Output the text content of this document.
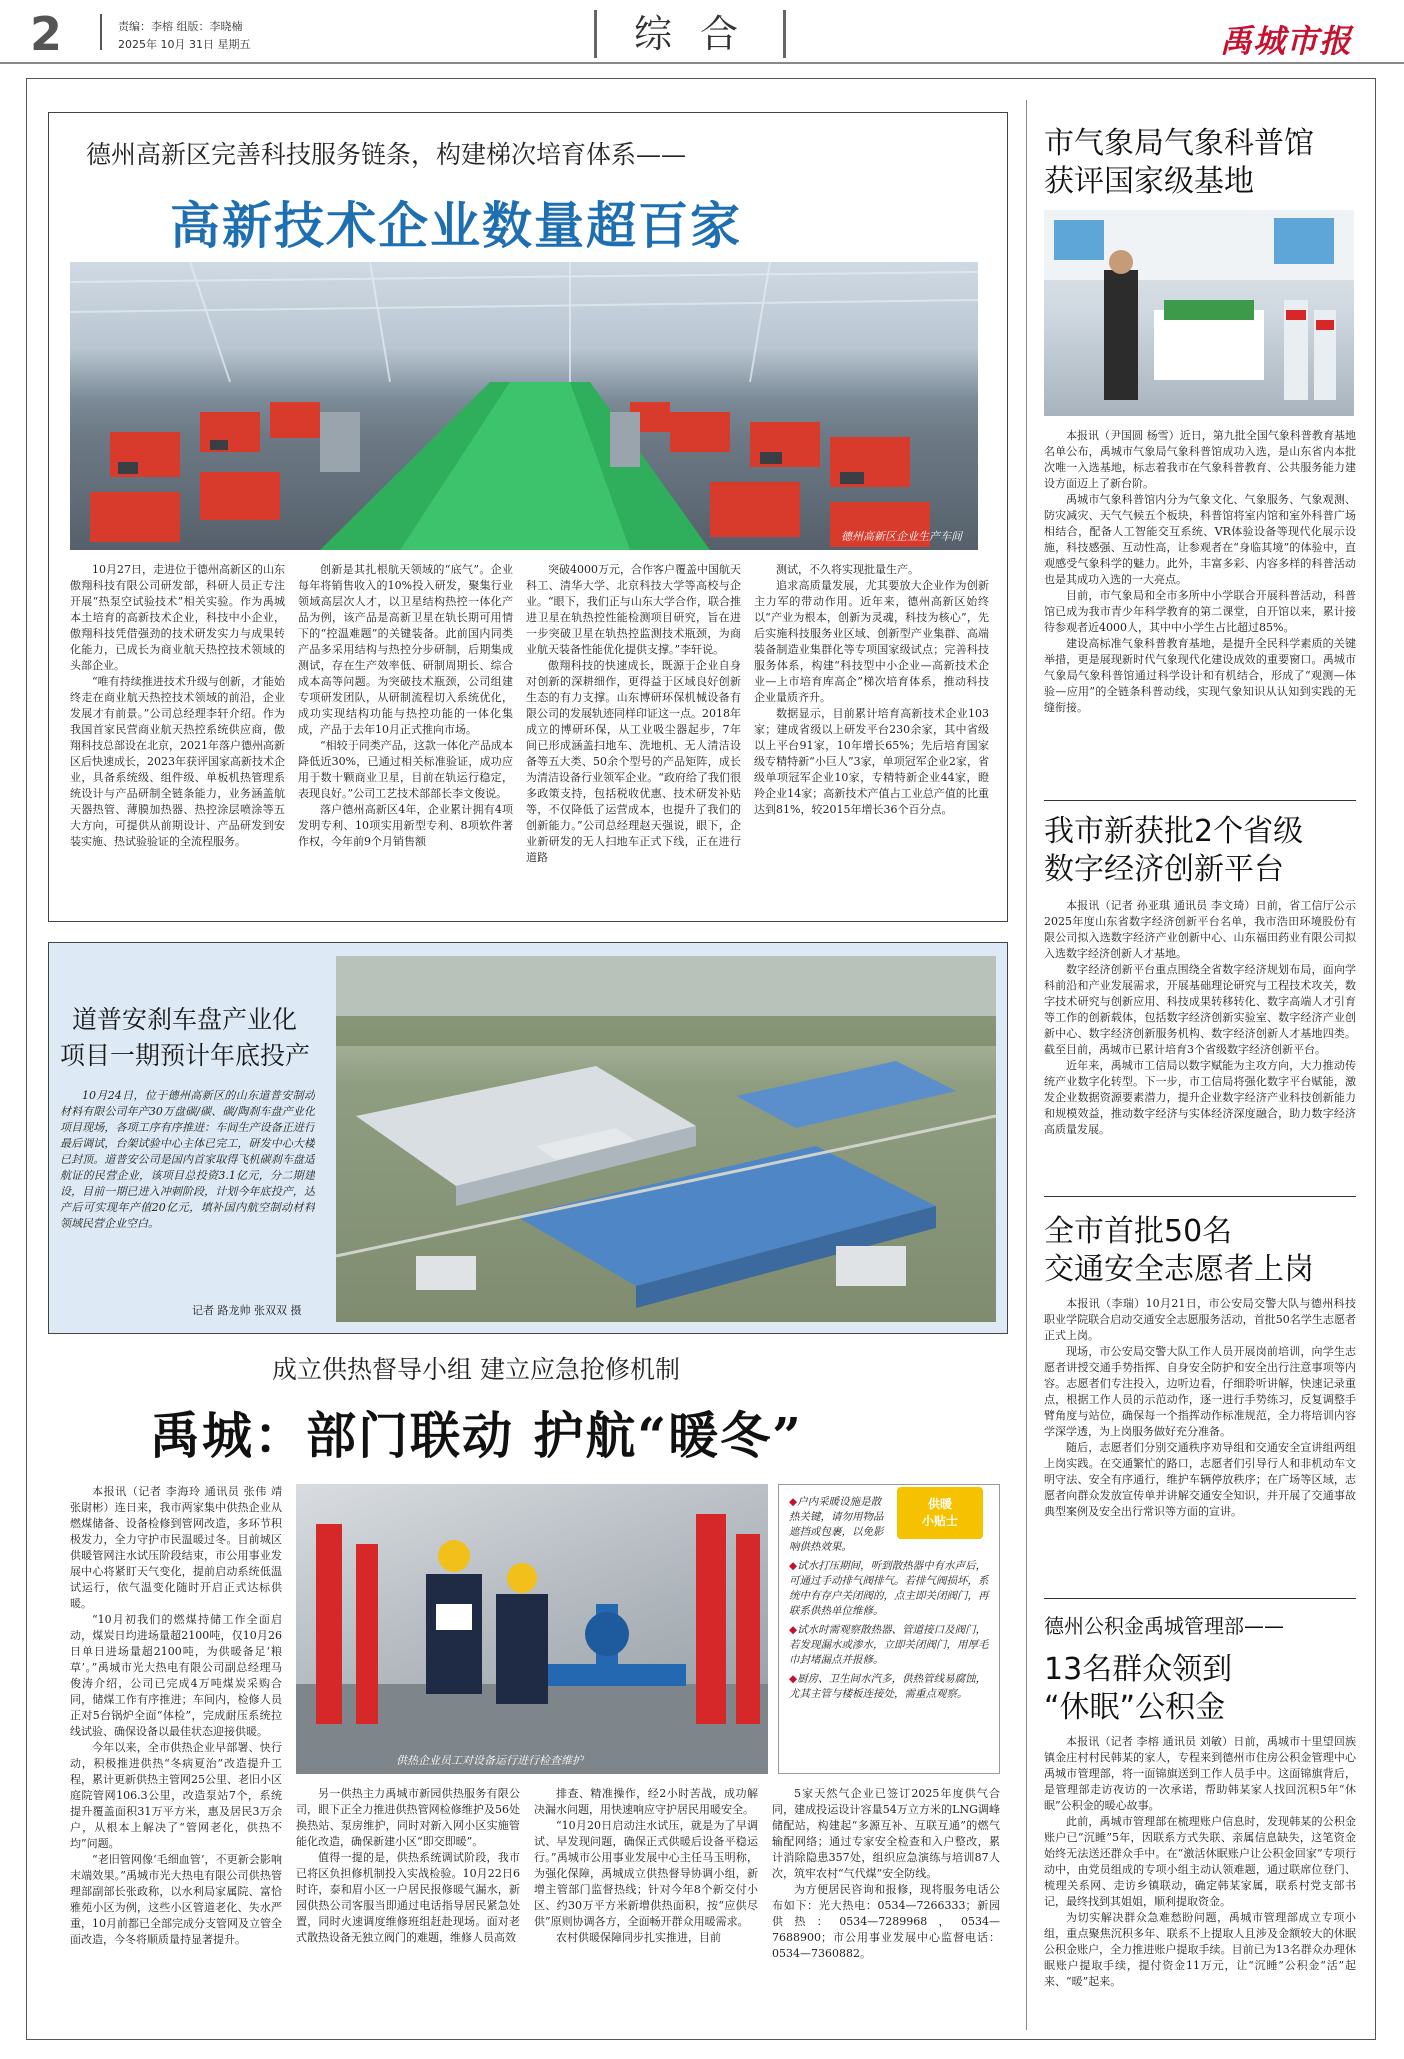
2	责编：李榕 组版：李晓楠
2025年 10月 31日 星期五	综 合	禹城市报
德州高新区完善科技服务链条，构建梯次培育体系——
高新技术企业数量超百家
德州高新区企业生产车间

10月27日，走进位于德州高新区的山东傲翔科技有限公司研发部，科研人员正专注开展“热泵空试验技术”相关实验。作为禹城本土培育的高新技术企业，科技中小企业，傲翔科技凭借强劲的技术研发实力与成果转化能力，已成长为商业航天热控技术领域的头部企业。

“唯有持续推进技术升级与创新，才能始终走在商业航天热控技术领域的前沿，企业发展才有前景。”公司总经理李轩介绍。作为我国首家民营商业航天热控系统供应商，傲翔科技总部设在北京，2021年落户德州高新区后快速成长，2023年获评国家高新技术企业，具备系统级、组件级、单板机热管理系统设计与产品研制全链条能力，业务涵盖航天器热管、薄膜加热器、热控涂层喷涂等五大方向，可提供从前期设计、产品研发到安装实施、热试验验证的全流程服务。

创新是其扎根航天领域的“底气”。企业每年将销售收入的10%投入研发，聚集行业领域高层次人才，以卫星结构热控一体化产品为例，该产品是高新卫星在轨长期可用情下的“控温难题”的关键装备。此前国内同类产品多采用结构与热控分步研制，后期集成测试，存在生产效率低、研制周期长、综合成本高等问题。为突破技术瓶颈，公司组建专项研发团队，从研制流程切入系统优化，成功实现结构功能与热控功能的一体化集成，产品于去年10月正式推向市场。

“相较于同类产品，这款一体化产品成本降低近30%，已通过相关标准验证，成功应用于数十颗商业卫星，目前在轨运行稳定，表现良好。”公司工艺技术部部长李文俊说。

落户德州高新区4年，企业累计拥有4项发明专利、10项实用新型专利、8项软件著作权，今年前9个月销售额

突破4000万元，合作客户覆盖中国航天科工、清华大学、北京科技大学等高校与企业。“眼下，我们正与山东大学合作，联合推进卫星在轨热控性能检测项目研究，旨在进一步突破卫星在轨热控监测技术瓶颈，为商业航天装备性能优化提供支撑。”李轩说。

傲翔科技的快速成长，既源于企业自身对创新的深耕细作，更得益于区域良好创新生态的有力支撑。山东博研环保机械设备有限公司的发展轨迹同样印证这一点。2018年成立的博研环保，从工业吸尘器起步，7年间已形成涵盖扫地车、洗地机、无人清洁设备等五大类、50余个型号的产品矩阵，成长为清洁设备行业领军企业。“政府给了我们很多政策支持，包括税收优惠、技术研发补贴等，不仅降低了运营成本，也提升了我们的创新能力。”公司总经理赵天强说，眼下，企业新研发的无人扫地车正式下线，正在进行道路

测试，不久将实现批量生产。

追求高质量发展，尤其要放大企业作为创新主力军的带动作用。近年来，德州高新区始终以“产业为根本，创新为灵魂，科技为核心”，先后实施科技服务业区域、创新型产业集群、高端装备制造业集群化等专项国家级试点；完善科技服务体系，构建“科技型中小企业—高新技术企业—上市培育库高企”梯次培育体系，推动科技企业量质齐升。

数据显示，目前累计培育高新技术企业103家；建成省级以上研发平台230余家，其中省级以上平台91家，10年增长65%；先后培育国家级专精特新“小巨人”3家，单项冠军企业2家，省级单项冠军企业10家，专精特新企业44家，瞪羚企业14家；高新技术产值占工业总产值的比重达到81%，较2015年增长36个百分点。

道普安刹车盘产业化
项目一期预计年底投产

10月24日，位于德州高新区的山东道普安制动材料有限公司年产30万盘碳/碳、碳/陶刹车盘产业化项目现场，各项工序有序推进：车间生产设备正进行最后调试，台架试验中心主体已完工，研发中心大楼已封顶。道普安公司是国内首家取得飞机碳刹车盘适航证的民营企业，该项目总投资3.1亿元，分二期建设，目前一期已进入冲刺阶段，计划今年底投产，达产后可实现年产值20亿元，填补国内航空制动材料领域民营企业空白。

记者 路龙帅 张双双 摄
成立供热督导小组 建立应急抢修机制
禹城：部门联动 护航“暖冬”

本报讯（记者 李海玲 通讯员 张伟 靖 张尉彬）连日来，我市两家集中供热企业从燃煤储备、设备检修到管网改造，多环节积极发力，全力守护市民温暖过冬。目前城区供暖管网注水试压阶段结束，市公用事业发展中心将紧盯天气变化，提前启动系统低温试运行，依气温变化随时开启正式达标供暖。

“10月初我们的燃煤持储工作全面启动，煤炭日均进场量超2100吨，仅10月26日单日进场量超2100吨，为供暖备足‘粮草’。”禹城市光大热电有限公司副总经理马俊涛介绍，公司已完成4万吨煤炭采购合同，储煤工作有序推进；车间内，检修人员正对5台锅炉全面“体检”，完成耐压系统拉线试验、确保设备以最佳状态迎接供暖。

今年以来，全市供热企业早部署、快行动，积极推进供热“冬病夏治”改造提升工程，累计更新供热主管网25公里、老旧小区庭院管网106.3公里，改造泵站7个，系统提升覆盖面积31万平方米，惠及居民3万余户，从根本上解决了“管网老化，供热不均”问题。

“老旧管网像‘毛细血管’，不更新会影响末端效果。”禹城市光大热电有限公司供热管理部副部长张政称，以水利局家属院、富恰雅苑小区为例，这些小区管道老化、失水严重，10月前都已全部完成分支管网及立管全面改造，今冬将顺质量持显著提升。

供热企业员工对设备运行进行检查维护
供暖
小贴士
◆户内采暖设施是散热关键，请勿用物品遮挡或包裹，以免影响供热效果。
◆试水打压期间，听到散热器中有水声后，可通过手动排气阀排气。若排气阀损坏，系统中有存户关闭阀的，点主即关闭阀门，再联系供热单位维修。
◆试水时需观察散热器、管道接口及阀门，若发现漏水或渗水，立即关闭阀门，用厚毛巾封堵漏点并报修。
◆厨房、卫生间水汽多，供热管线易腐蚀，尤其主管与楼板连接处，需重点观察。

另一供热主力禹城市新园供热服务有限公司，眼下正全力推进供热管网检修维护及56处换热站、泵房维护，同时对新入网小区实施管能化改造，确保新建小区“即交即暖”。

值得一提的是，供热系统调试阶段，我市已将区负担修机制投入实战检验。10月22日6时许，泰和眉小区一户居民报修暖气漏水，新园供热公司客服当即通过电话指导居民紧急处置，同时火速调度维修班组赶赴现场。面对老式散热设备无独立阀门的难题，维修人员高效

排查、精准操作，经2小时苦战，成功解决漏水问题，用快速响应守护居民用暖安全。

“10月20日启动注水试压，就是为了早调试、早发现问题，确保正式供暖后设备平稳运行。”禹城市公用事业发展中心主任马玉明称，为强化保障，禹城成立供热督导协调小组，新增主管部门监督热线；针对今年8个新交付小区、约30万平方米新增供热面积，按“应供尽供”原则协调各方，全面畅开群众用暖需求。

农村供暖保障同步扎实推进，目前

5家天然气企业已签订2025年度供气合同，建成投运设计容量54万立方米的LNG调峰储配站，构建起“多源互补、互联互通”的燃气输配网络；通过专家安全检查和入户整改，累计消除隐患357处，组织应急演练与培训87人次，筑牢农村“气代煤”安全防线。

为方便居民咨询和报修，现将服务电话公布如下：光大热电：0534—7266333；新园供热：0534—7289968，0534—7688900；市公用事业发展中心监督电话：0534—7360882。

市气象局气象科普馆
获评国家级基地

本报讯（尹国圆 杨雪）近日，第九批全国气象科普教育基地名单公布，禹城市气象局气象科普馆成功入选，是山东省内本批次唯一入选基地，标志着我市在气象科普教育、公共服务能力建设方面迈上了新台阶。

禹城市气象科普馆内分为气象文化、气象服务、气象观测、防灾减灾、天气气候五个板块，科普馆将室内馆和室外科普广场相结合，配备人工智能交互系统、VR体验设备等现代化展示设施，科技感强、互动性高，让参观者在“身临其境”的体验中，直观感受气象科学的魅力。此外，丰富多彩、内容多样的科普活动也是其成功入选的一大亮点。

目前，市气象局和全市多所中小学联合开展科普活动，科普馆已成为我市青少年科学教育的第二课堂，自开馆以来，累计接待参观者近4000人，其中中小学生占比超过85%。

建设高标准气象科普教育基地，是提升全民科学素质的关键举措，更是展现新时代气象现代化建设成效的重要窗口。禹城市气象局气象科普馆通过科学设计和有机结合，形成了“观测—体验—应用”的全链条科普动线，实现气象知识从认知到实践的无缝衔接。

我市新获批2个省级
数字经济创新平台

本报讯（记者 孙亚琪 通讯员 李文琦）日前，省工信厅公示2025年度山东省数字经济创新平台名单，我市浩田环境股份有限公司拟入选数字经济产业创新中心、山东福田药业有限公司拟入选数字经济创新人才基地。

数字经济创新平台重点围绕全省数字经济规划布局，面向学科前沿和产业发展需求，开展基础理论研究与工程技术攻关，数字技术研究与创新应用、科技成果转移转化、数字高端人才引育等工作的创新载体，包括数字经济创新实验室、数字经济产业创新中心、数字经济创新服务机构、数字经济创新人才基地四类。截至目前，禹城市已累计培育3个省级数字经济创新平台。

近年来，禹城市工信局以数字赋能为主攻方向，大力推动传统产业数字化转型。下一步，市工信局将强化数字平台赋能，激发企业数据资源要素潜力，提升企业数字经济产业科技创新能力和规模效益，推动数字经济与实体经济深度融合，助力数字经济高质量发展。

全市首批50名
交通安全志愿者上岗

本报讯（李瑞）10月21日，市公安局交警大队与德州科技职业学院联合启动交通安全志愿服务活动，首批50名学生志愿者正式上岗。

现场，市公安局交警大队工作人员开展岗前培训，向学生志愿者讲授交通手势指挥、自身安全防护和安全出行注意事项等内容。志愿者们专注投入，边听边看，仔细聆听讲解，快速记录重点，根据工作人员的示范动作，逐一进行手势练习，反复调整手臂角度与站位，确保每一个指挥动作标准规范，全力将培训内容学深学透，为上岗服务做好充分准备。

随后，志愿者们分别交通秩序劝导组和交通安全宣讲组两组上岗实践。在交通繁忙的路口，志愿者们引导行人和非机动车文明守法、安全有序通行，维护车辆停放秩序；在广场等区域，志愿者向群众发放宣传单并讲解交通安全知识，并开展了交通事故典型案例及安全出行常识等方面的宣讲。

德州公积金禹城管理部——
13名群众领到
“休眠”公积金

本报讯（记者 李榕 通讯员 刘敏）日前，禹城市十里望回族镇金庄村村民韩某的家人，专程来到德州市住房公积金管理中心禹城市管理部，将一面锦旗送到工作人员手中。这面锦旗背后，是管理部走访夜访的一次承诺，帮助韩某家人找回沉积5年“休眠”公积金的暖心故事。

此前，禹城市管理部在梳理账户信息时，发现韩某的公积金账户已“沉睡”5年，因联系方式失联、亲属信息缺失，这笔资金始终无法送还群众手中。在“激活休眠账户让公积金回家”专项行动中，由党员组成的专项小组主动认领难题，通过联席位登门、梳理关系网、走访乡镇联动，确定韩某家属，联系村党支部书记，最终找到其姐姐，顺利提取资金。

为切实解决群众急难愁盼问题，禹城市管理部成立专项小组，重点聚焦沉积多年、联系不上提取人且涉及金额较大的休眠公积金账户，全力推进账户提取手续。目前已为13名群众办理休眠账户提取手续，提付资金11万元，让“沉睡”公积金“活”起来、“暖”起来。
